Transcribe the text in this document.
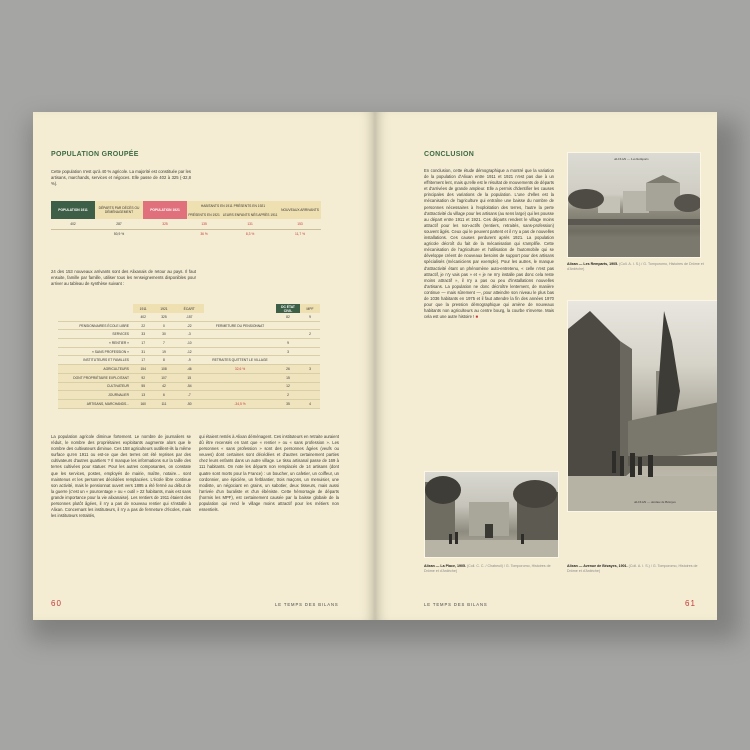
POPULATION GROUPÉE
Cette population n'est qu'à 40 % agricole. La majorité est constituée par les artisans, marchands, services et négoces. Elle passe de 402 à 325 (-32,8 %).
POPULATION 1911	DÉPARTS PAR DÉCÈS OU DÉMÉNAGEMENT	POPULATION 1921	HABITANTS EN 1911 PRÉSENTS EN 1921		NOUVEAUX ARRIVANTS
			PRÉSENTS EN 1921	LEURS ENFANTS NÉS APRÈS 1911	
402	287	325	135	131	153
	50,9 %		36 %	8,3 %	11,7 %
24 des 153 nouveaux arrivants sont des Alixanais de retour au pays. Il faut ensuite, famille par famille, utiliser tous les renseignements disponibles pour arriver au tableau de synthèse suivant :
	1911	1921	ÉCART		DC ÉTAT CIVIL	MPF
	402	325	-157		82	9
PENSIONNAIRES ÉCOLE LIBRE	22	0	-22	FERMETURE DU PENSIONNAT		
SERVICES	33	30	-3			2
« RENTIER »	17	7	-10		9	
« SANS PROFESSION »	31	19	-12		3	
INSTITUTEURS ET FAMILLES	17	8	-9	RETRAITES QUITTENT LE VILLAGE		
AGRICULTEURS	154	108	-46	32,6 %	26	3
DONT PROPRIÉTAIRE EXPLOITANT	92	107	15		15	
CULTIVATEUR	55	42	-54		12	
JOURNALIER	13	6	-7		2	
ARTISANS, MARCHANDS...	160	111	-50	-34,5 %	35	4
La population agricole diminue fortement. Le nombre de journaliers se réduit, le nombre des propriétaires exploitants augmente alors que le nombre des cultivateurs diminue. Ces 158 agriculteurs outillent-ils la même surface qu'en 1911 ou est-ce que des terres ont été reprises par des cultivateurs d'autres quartiers ? Il manque les informations sur la taille des terres cultivées pour statuer. Pour les autres composantes, on constate que les services, postes, employés de mairie, maître, notaire… sont maintenus et les personnes décédées remplacées. L'école libre continue son activité, mais le pensionnat ouvert vers 1895 a été fermé au début de la guerre (c'est un « pourcentage » ou « outil » 22 habitants, mais est sans grande importance pour la vie alixanaise). Les rentiers de 1911 étaient des personnes plutôt âgées, il n'y a pas de nouveau rentier qui s'installe à Alixan. Concernant les instituteurs, il n'y a pas de fermeture d'écoles, mais les instituteurs retraités,
qui étaient restés à Alixan déménagent. Ces instituteurs en retraite auraient dû être recensés en tant que « rentier » ou « sans profession ». Les personnes « sans profession » sont des personnes âgées (veufs ou veuves) dont certaines sont décédées et d'autres certainement parties chez leurs enfants dans un autre village. Le tissu artisanal passe de 169 à 111 habitants. On note les départs non remplacés de 14 artisans (dont quatre sont morts pour la France) : un boucher, un cafetier, un coiffeur, un cordonnier, une épicière, un ferblantier, trois maçons, un menuisier, une modiste, un négociant en grains, un sabotier, deux tisseurs, mais aussi l'arrivée d'un buraliste et d'un ébéniste. Cette hémorragie de départs (hormis les MPF), est certainement causée par la baisse globale de la population qui rend le village moins attractif pour les métiers non essentiels.
60	LE TEMPS DES BILANS
CONCLUSION
En conclusion, cette étude démographique a montré que la variation de la population d'Alixan entre 1911 et 1921 n'est pas due à un effritement lent, mais qu'elle est le résultat de mouvements de départs et d'arrivées de grande ampleur. Elle a permis d'identifier les causes principales des variations de la population. L'une d'elles est la mécanisation de l'agriculture qui entraîne une baisse du nombre de personnes nécessaires à l'exploitation des terres, l'autre la perte d'attractivité du village pour les artisans (au sens large) qui les pousse au départ entre 1911 et 1921. Ces départs rendent le village moins attractif pour les non-actifs (rentiers, retraités, sans-profession) souvent âgés. Ceux qui le peuvent partent et il n'y a pas de nouvelles installations. Ces causes perdurent après 1921. La population agricole décroît du fait de la mécanisation qui s'amplifie. Cette mécanisation de l'agriculture et l'utilisation de l'automobile qui se développe créent de nouveaux besoins de support pour des artisans spécialisés (mécaniciens par exemple). Pour les autres, le manque d'attractivité étant un phénomène auto-entretenu, « celle n'est pas attractif, je n'y vais pas » et « je ne m'y installe pas donc cela reste moins attractif », il n'y a pas ou peu d'installations nouvelles d'artisans. La population ne donc décroître lentement, de manière continue — mais sûrement —, pour atteindre son niveau le plus bas de 1036 habitants en 1975 et il faut attendre la fin des années 1970 pour que la pression démographique qui amène de nouveaux habitants non agriculteurs au centre bourg, la courbe s'inverse. Mais cela est une autre histoire ! ■
ALIXAN — Les Remparts
Alixan — Les Remparts, 1905. (Coll. A. I. S.) / G. Tomporomo, Histoires de Drôme et d'Ardèche)
ALIXAN — Avenue de Bézayes
Alixan — Avenue de Bézayes, 1901. (Coll. A. I. S.) / G. Tomporomo, Histoires de Drôme et d'Ardèche)
Alixan — La Place, 1905. (Coll. C. C. / Chabeuil) / G. Tomporomo, Histoires de Drôme et d'Ardèche)
LE TEMPS DES BILANS	61
